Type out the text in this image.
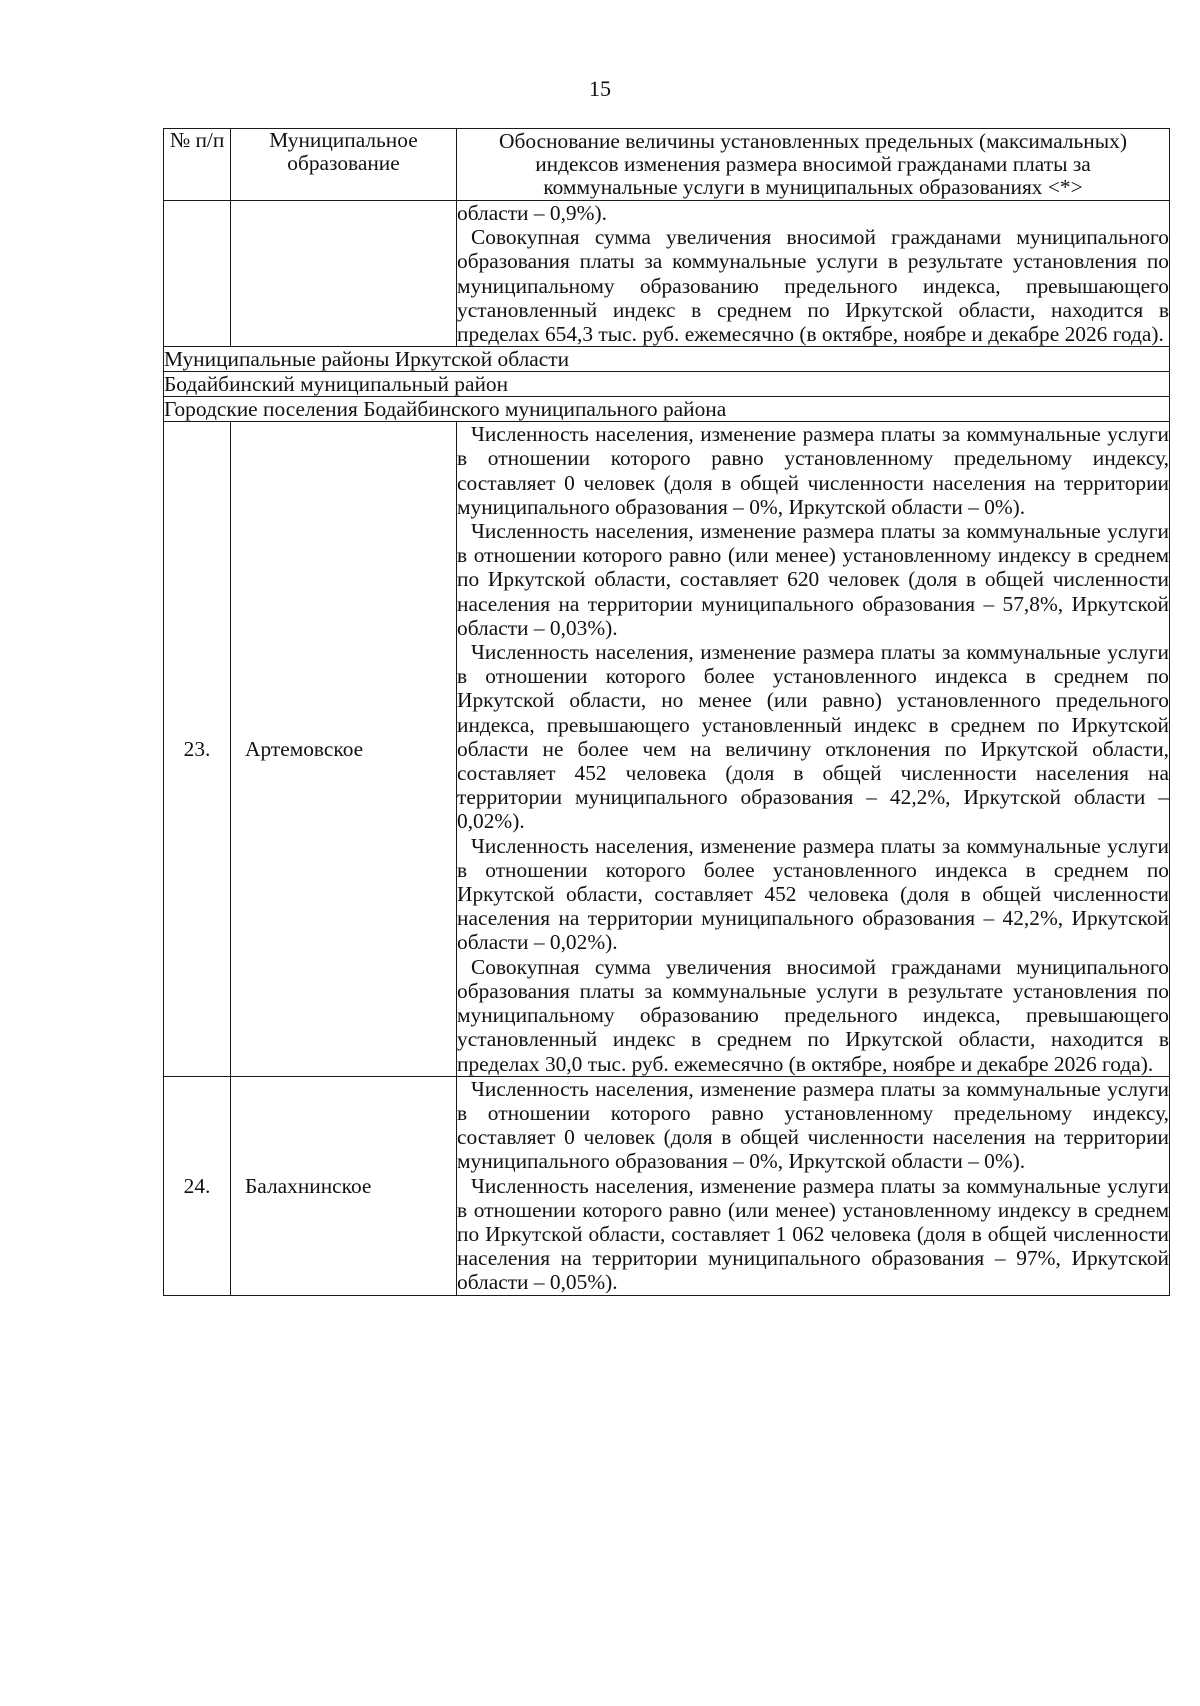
15
№ п/п	Муниципальное образование	Обоснование величины установленных предельных (максимальных) индексов изменения размера вносимой гражданами платы за коммунальные услуги в муниципальных образованиях <*>

		области – 0,9%).

Совокупная сумма увеличения вносимой гражданами муниципального образования платы за коммунальные услуги в результате установления по муниципальному образованию предельного индекса, превышающего установленный индекс в среднем по Иркутской области, находится в пределах 654,3 тыс. руб. ежемесячно (в октябре, ноябре и декабре 2026 года).

Муниципальные районы Иркутской области		
Бодайбинский муниципальный район		
Городские поселения Бодайбинского муниципального района		
23.	Артемовское	Численность населения, изменение размера платы за коммунальные услуги в отношении которого равно установленному предельному индексу, составляет 0 человек (доля в общей численности населения на территории муниципального образования – 0%, Иркутской области – 0%).

Численность населения, изменение размера платы за коммунальные услуги в отношении которого равно (или менее) установленному индексу в среднем по Иркутской области, составляет 620 человек (доля в общей численности населения на территории муниципального образования – 57,8%, Иркутской области – 0,03%).

Численность населения, изменение размера платы за коммунальные услуги в отношении которого более установленного индекса в среднем по Иркутской области, но менее (или равно) установленного предельного индекса, превышающего установленный индекс в среднем по Иркутской области не более чем на величину отклонения по Иркутской области, составляет 452 человека (доля в общей численности населения на территории муниципального образования – 42,2%, Иркутской области – 0,02%).

Численность населения, изменение размера платы за коммунальные услуги в отношении которого более установленного индекса в среднем по Иркутской области, составляет 452 человека (доля в общей численности населения на территории муниципального образования – 42,2%, Иркутской области – 0,02%).

Совокупная сумма увеличения вносимой гражданами муниципального образования платы за коммунальные услуги в результате установления по муниципальному образованию предельного индекса, превышающего установленный индекс в среднем по Иркутской области, находится в пределах 30,0 тыс. руб. ежемесячно (в октябре, ноябре и декабре 2026 года).

24.	Балахнинское	Численность населения, изменение размера платы за коммунальные услуги в отношении которого равно установленному предельному индексу, составляет 0 человек (доля в общей численности населения на территории муниципального образования – 0%, Иркутской области – 0%).

Численность населения, изменение размера платы за коммунальные услуги в отношении которого равно (или менее) установленному индексу в среднем по Иркутской области, составляет 1 062 человека (доля в общей численности населения на территории муниципального образования – 97%, Иркутской области – 0,05%).
